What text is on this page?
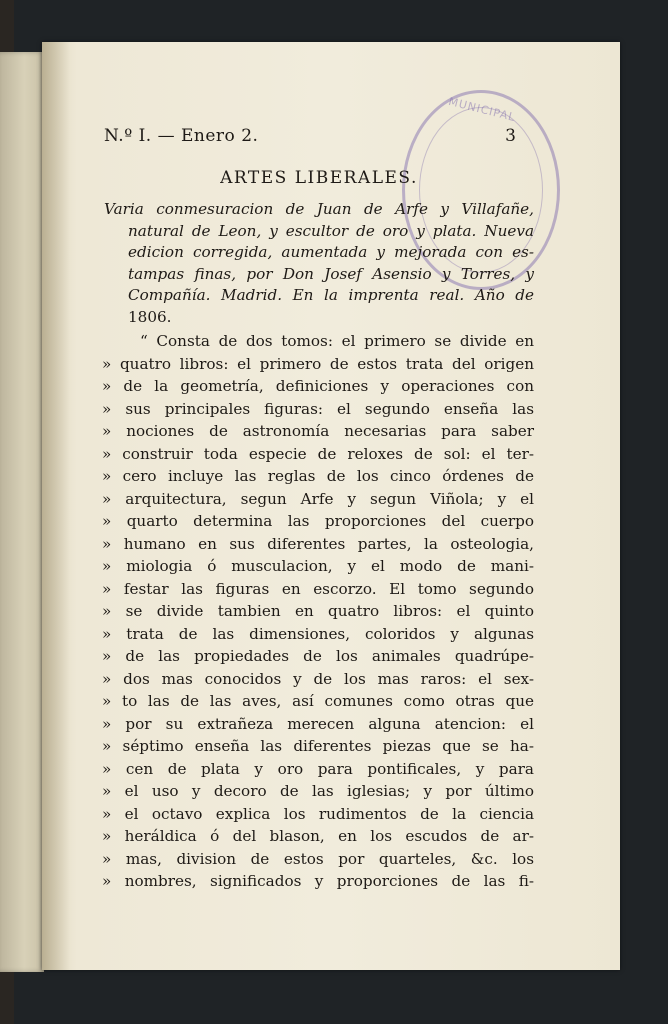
MUNICIPAL
N.º I. — Enero 2.	3
ARTES LIBERALES.
Varia conmesuracion de Juan de Arfe y Villafañe,
natural de Leon, y escultor de oro y plata. Nueva
edicion corregida, aumentada y mejorada con es-
tampas finas, por Don Josef Asensio y Torres, y
Compañía. Madrid. En la imprenta real. Año de
1806.
“ Consta de dos tomos: el primero se divide en
» quatro libros: el primero de estos trata del origen
» de la geometría, definiciones y operaciones con
» sus principales figuras: el segundo enseña las
» nociones de astronomía necesarias para saber
» construir toda especie de reloxes de sol: el ter-
» cero incluye las reglas de los cinco órdenes de
» arquitectura, segun Arfe y segun Viñola; y el
» quarto determina las proporciones del cuerpo
» humano en sus diferentes partes, la osteologia,
» miologia ó musculacion, y el modo de mani-
» festar las figuras en escorzo. El tomo segundo
» se divide tambien en quatro libros: el quinto
» trata de las dimensiones, coloridos y algunas
» de las propiedades de los animales quadrúpe-
» dos mas conocidos y de los mas raros: el sex-
» to las de las aves, así comunes como otras que
» por su extrañeza merecen alguna atencion: el
» séptimo enseña las diferentes piezas que se ha-
» cen de plata y oro para pontificales, y para
» el uso y decoro de las iglesias; y por último
» el octavo explica los rudimentos de la ciencia
» heráldica ó del blason, en los escudos de ar-
» mas, division de estos por quarteles, &c. los
» nombres, significados y proporciones de las fi-
